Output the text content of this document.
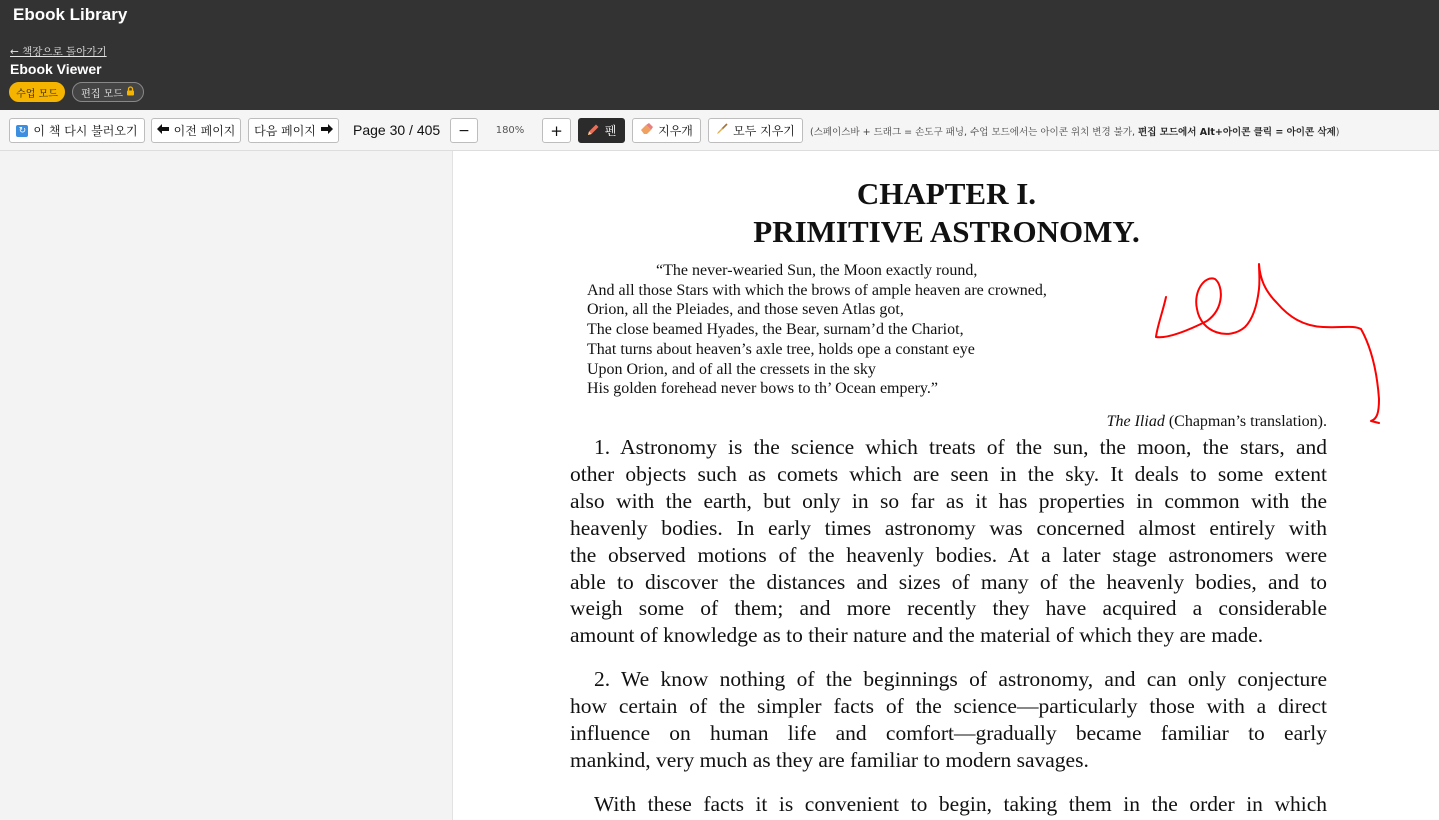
Ebook Library
← 책장으로 돌아가기
Ebook Viewer
수업 모드 편집 모드
↻ 이 책 다시 불러오기	이전 페이지 다음 페이지	Page 30 / 405	−	180%	+	펜	지우개	모두 지우기 (스페이스바 + 드래그 = 손도구 패닝, 수업 모드에서는 아이콘 위치 변경 불가, 편집 모드에서 Alt+아이콘 클릭 = 아이콘 삭제)
CHAPTER I.
PRIMITIVE ASTRONOMY.
“The never-wearied Sun, the Moon exactly round,
And all those Stars with which the brows of ample heaven are crowned,
Orion, all the Pleiades, and those seven Atlas got,
The close beamed Hyades, the Bear, surnam’d the Chariot,
That turns about heaven’s axle tree, holds ope a constant eye
Upon Orion, and of all the cressets in the sky
His golden forehead never bows to th’ Ocean empery.”
The Iliad (Chapman’s translation).
1. Astronomy is the science which treats of the sun, the moon, the stars, and
other objects such as comets which are seen in the sky. It deals to some extent
also with the earth, but only in so far as it has properties in common with the
heavenly bodies. In early times astronomy was concerned almost entirely with
the observed motions of the heavenly bodies. At a later stage astronomers were
able to discover the distances and sizes of many of the heavenly bodies, and to
weigh some of them; and more recently they have acquired a considerable
amount of knowledge as to their nature and the material of which they are made.
2. We know nothing of the beginnings of astronomy, and can only conjecture
how certain of the simpler facts of the science—particularly those with a direct
influence on human life and comfort—gradually became familiar to early
mankind, very much as they are familiar to modern savages.
With these facts it is convenient to begin, taking them in the order in which
